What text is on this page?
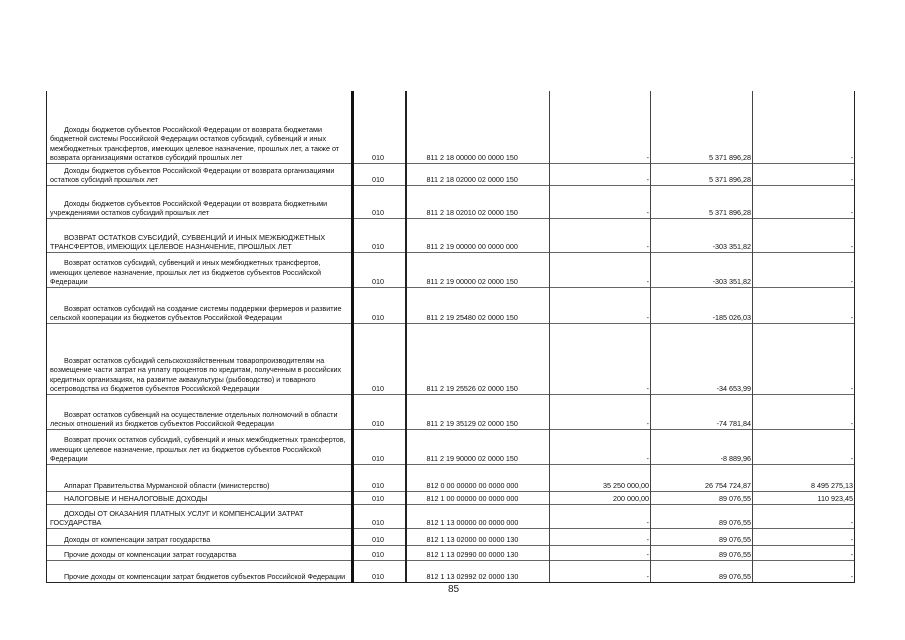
Доходы бюджетов субъектов Российской Федерации от возврата бюджетами бюджетной системы Российской Федерации остатков субсидий, субвенций и иных межбюджетных трансфертов, имеющих целевое назначение, прошлых лет, а также от возврата организациями остатков субсидий прошлых лет	010	811 2 18 00000 00 0000 150	-	5 371 896,28	-
Доходы бюджетов субъектов Российской Федерации от возврата организациями остатков субсидий прошлых лет	010	811 2 18 02000 02 0000 150	-	5 371 896,28	-
Доходы бюджетов субъектов Российской Федерации от возврата бюджетными учреждениями остатков субсидий прошлых лет	010	811 2 18 02010 02 0000 150	-	5 371 896,28	-
ВОЗВРАТ ОСТАТКОВ СУБСИДИЙ, СУБВЕНЦИЙ И ИНЫХ МЕЖБЮДЖЕТНЫХ ТРАНСФЕРТОВ, ИМЕЮЩИХ ЦЕЛЕВОЕ НАЗНАЧЕНИЕ, ПРОШЛЫХ ЛЕТ	010	811 2 19 00000 00 0000 000	-	-303 351,82	-
Возврат остатков субсидий, субвенций и иных межбюджетных трансфертов, имеющих целевое назначение, прошлых лет из бюджетов субъектов Российской Федерации	010	811 2 19 00000 02 0000 150	-	-303 351,82	-
Возврат остатков субсидий на создание системы поддержки фермеров и развитие сельской кооперации из бюджетов субъектов Российской Федерации	010	811 2 19 25480 02 0000 150	-	-185 026,03	-
Возврат остатков субсидий сельскохозяйственным товаропроизводителям на возмещение части затрат на уплату процентов по кредитам, полученным в российских кредитных организациях, на развитие аквакультуры (рыбоводство) и товарного осетроводства из бюджетов субъектов Российской Федерации	010	811 2 19 25526 02 0000 150	-	-34 653,99	-
Возврат остатков субвенций на осуществление отдельных полномочий в области лесных отношений из бюджетов субъектов Российской Федерации	010	811 2 19 35129 02 0000 150	-	-74 781,84	-
Возврат прочих остатков субсидий, субвенций и иных межбюджетных трансфертов, имеющих целевое назначение, прошлых лет из бюджетов субъектов Российской Федерации	010	811 2 19 90000 02 0000 150	-	-8 889,96	-
Аппарат Правительства Мурманской области (министерство)	010	812 0 00 00000 00 0000 000	35 250 000,00	26 754 724,87	8 495 275,13
НАЛОГОВЫЕ И НЕНАЛОГОВЫЕ ДОХОДЫ	010	812 1 00 00000 00 0000 000	200 000,00	89 076,55	110 923,45
ДОХОДЫ ОТ ОКАЗАНИЯ ПЛАТНЫХ УСЛУГ И КОМПЕНСАЦИИ ЗАТРАТ ГОСУДАРСТВА	010	812 1 13 00000 00 0000 000	-	89 076,55	-
Доходы от компенсации затрат государства	010	812 1 13 02000 00 0000 130	-	89 076,55	-
Прочие доходы от компенсации затрат государства	010	812 1 13 02990 00 0000 130	-	89 076,55	-
Прочие доходы от компенсации затрат бюджетов субъектов Российской Федерации	010	812 1 13 02992 02 0000 130	-	89 076,55	-
85
